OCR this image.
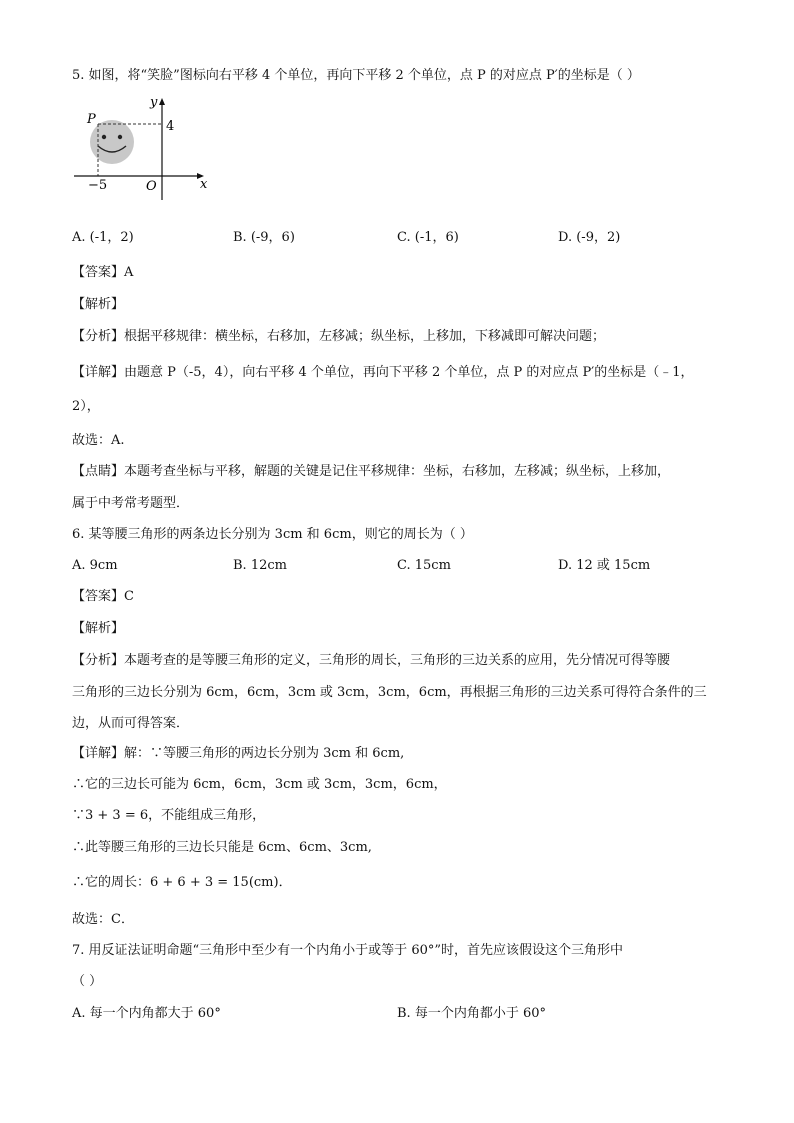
5. 如图，将“笑脸”图标向右平移 4 个单位，再向下平移 2 个单位，点 P 的对应点 P′的坐标是（ ）
y
x
P	4
−5	O
A. (-1，2)	B. (-9，6)	C. (-1，6)	D. (-9，2)
【答案】A
【解析】
【分析】根据平移规律：横坐标，右移加，左移减；纵坐标，上移加，下移减即可解决问题；
【详解】由题意 P（-5，4），向右平移 4 个单位，再向下平移 2 个单位，点 P 的对应点 P′的坐标是（﹣1，
2），
故选：A.
【点睛】本题考查坐标与平移，解题的关键是记住平移规律：坐标，右移加，左移减；纵坐标，上移加，
属于中考常考题型．
6. 某等腰三角形的两条边长分别为 3cm 和 6cm，则它的周长为（ ）
A. 9cm	B. 12cm	C. 15cm	D. 12 或 15cm
【答案】C
【解析】
【分析】本题考查的是等腰三角形的定义，三角形的周长，三角形的三边关系的应用，先分情况可得等腰
三角形的三边长分别为 6cm，6cm，3cm 或 3cm，3cm，6cm，再根据三角形的三边关系可得符合条件的三
边，从而可得答案．
【详解】解：∵等腰三角形的两边长分别为 3cm 和 6cm,
∴它的三边长可能为 6cm，6cm，3cm 或 3cm，3cm，6cm，
∵3 + 3 = 6，不能组成三角形，
∴此等腰三角形的三边长只能是 6cm、6cm、3cm,
∴它的周长：6 + 6 + 3 = 15(cm)．
故选：C．
7. 用反证法证明命题“三角形中至少有一个内角小于或等于 60°”时，首先应该假设这个三角形中
（ ）
A. 每一个内角都大于 60°	B. 每一个内角都小于 60°
